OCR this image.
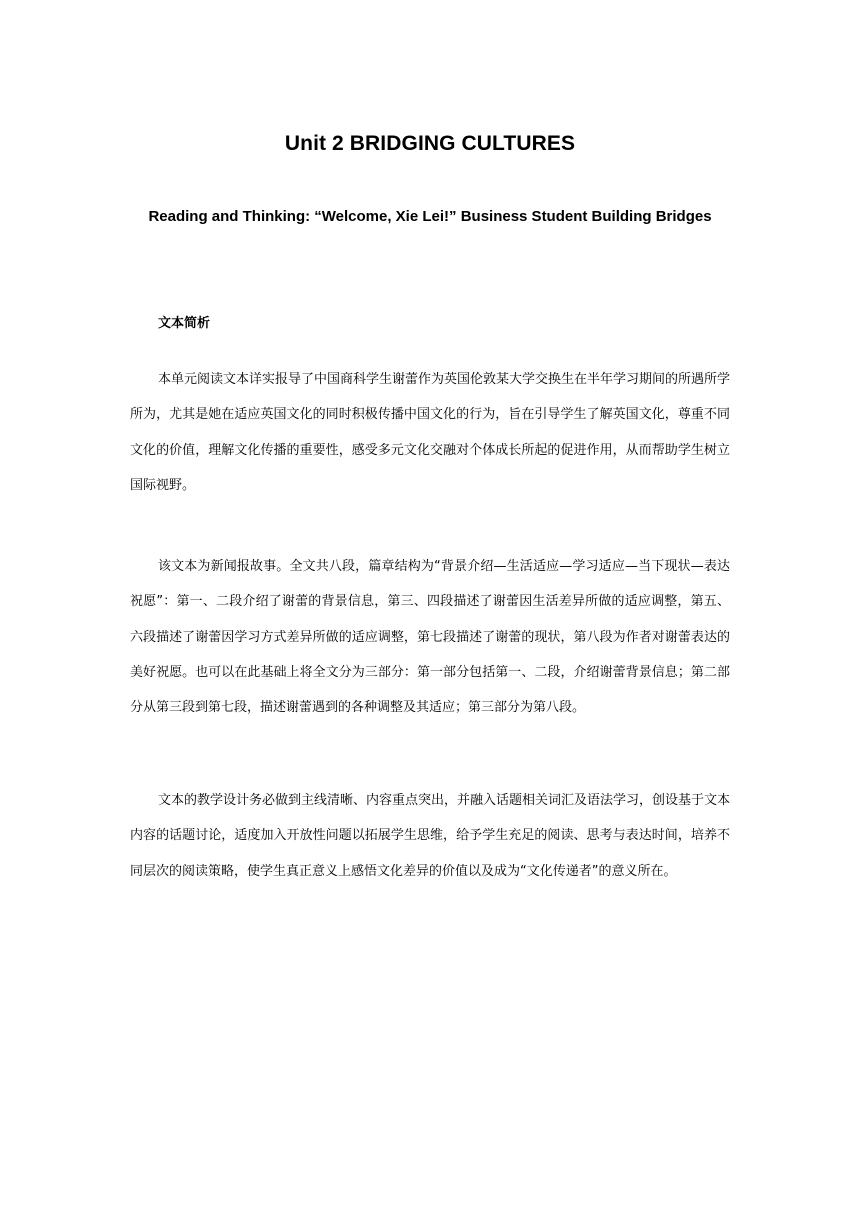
Unit 2 BRIDGING CULTURES
Reading and Thinking: “Welcome, Xie Lei!” Business Student Building Bridges
文本简析

本单元阅读文本详实报导了中国商科学生谢蕾作为英国伦敦某大学交换生在半年学习期间的所遇所学所为，尤其是她在适应英国文化的同时积极传播中国文化的行为，旨在引导学生了解英国文化，尊重不同文化的价值，理解文化传播的重要性，感受多元文化交融对个体成长所起的促进作用，从而帮助学生树立国际视野。

该文本为新闻报故事。全文共八段，篇章结构为“背景介绍—生活适应—学习适应—当下现状—表达祝愿”：第一、二段介绍了谢蕾的背景信息，第三、四段描述了谢蕾因生活差异所做的适应调整，第五、六段描述了谢蕾因学习方式差异所做的适应调整，第七段描述了谢蕾的现状，第八段为作者对谢蕾表达的美好祝愿。也可以在此基础上将全文分为三部分：第一部分包括第一、二段，介绍谢蕾背景信息；第二部分从第三段到第七段，描述谢蕾遇到的各种调整及其适应；第三部分为第八段。

文本的教学设计务必做到主线清晰、内容重点突出，并融入话题相关词汇及语法学习，创设基于文本内容的话题讨论，适度加入开放性问题以拓展学生思维，给予学生充足的阅读、思考与表达时间，培养不同层次的阅读策略，使学生真正意义上感悟文化差异的价值以及成为“文化传递者”的意义所在。
